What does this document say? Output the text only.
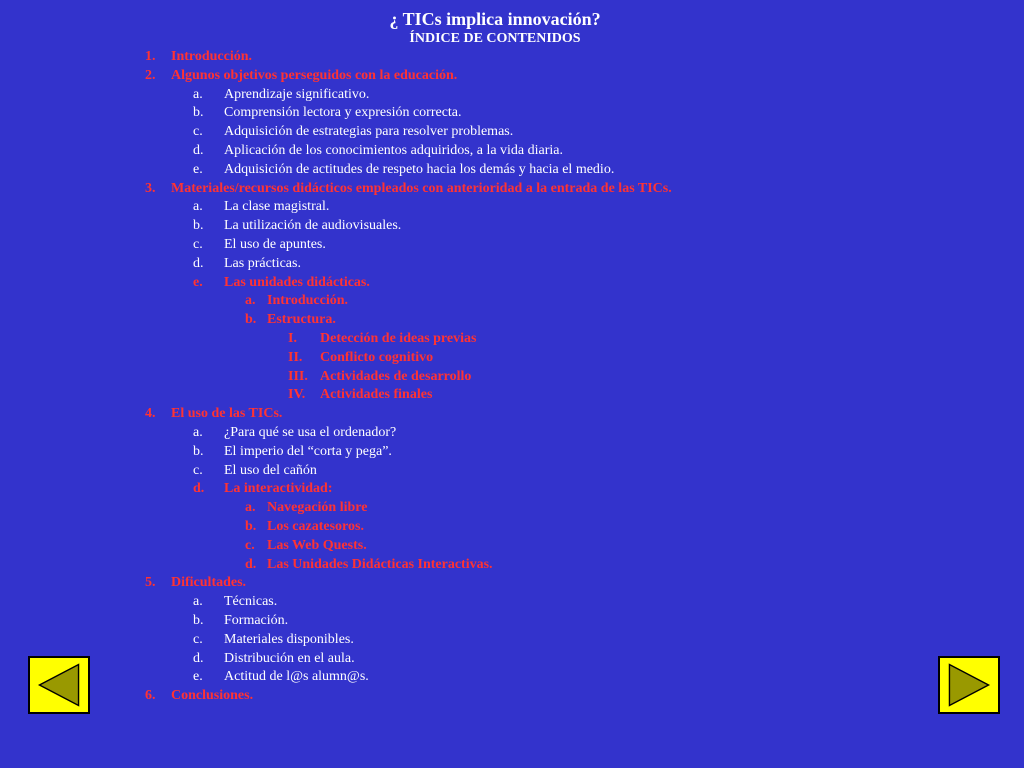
¿ TICs implica innovación?
ÍNDICE DE CONTENIDOS
1. Introducción.
2. Algunos objetivos perseguidos con la educación.
a. Aprendizaje significativo.
b. Comprensión lectora y expresión correcta.
c. Adquisición de estrategias para resolver problemas.
d. Aplicación de los conocimientos adquiridos, a la vida diaria.
e. Adquisición de actitudes de respeto hacia los demás y hacia el medio.
3. Materiales/recursos didácticos empleados con anterioridad a la entrada de las TICs.
a. La clase magistral.
b. La utilización de audiovisuales.
c. El uso de apuntes.
d. Las prácticas.
e. Las unidades didácticas.
a. Introducción.
b. Estructura.
I. Detección de ideas previas
II. Conflicto cognitivo
III. Actividades de desarrollo
IV. Actividades finales
4. El uso de las TICs.
a. ¿Para qué se usa el ordenador?
b. El imperio del “corta y pega”.
c. El uso del cañón
d. La interactividad:
a. Navegación libre
b. Los cazatesoros.
c. Las Web Quests.
d. Las Unidades Didácticas Interactivas.
5. Dificultades.
a. Técnicas.
b. Formación.
c. Materiales disponibles.
d. Distribución en el aula.
e. Actitud de l@s alumn@s.
6. Conclusiones.
